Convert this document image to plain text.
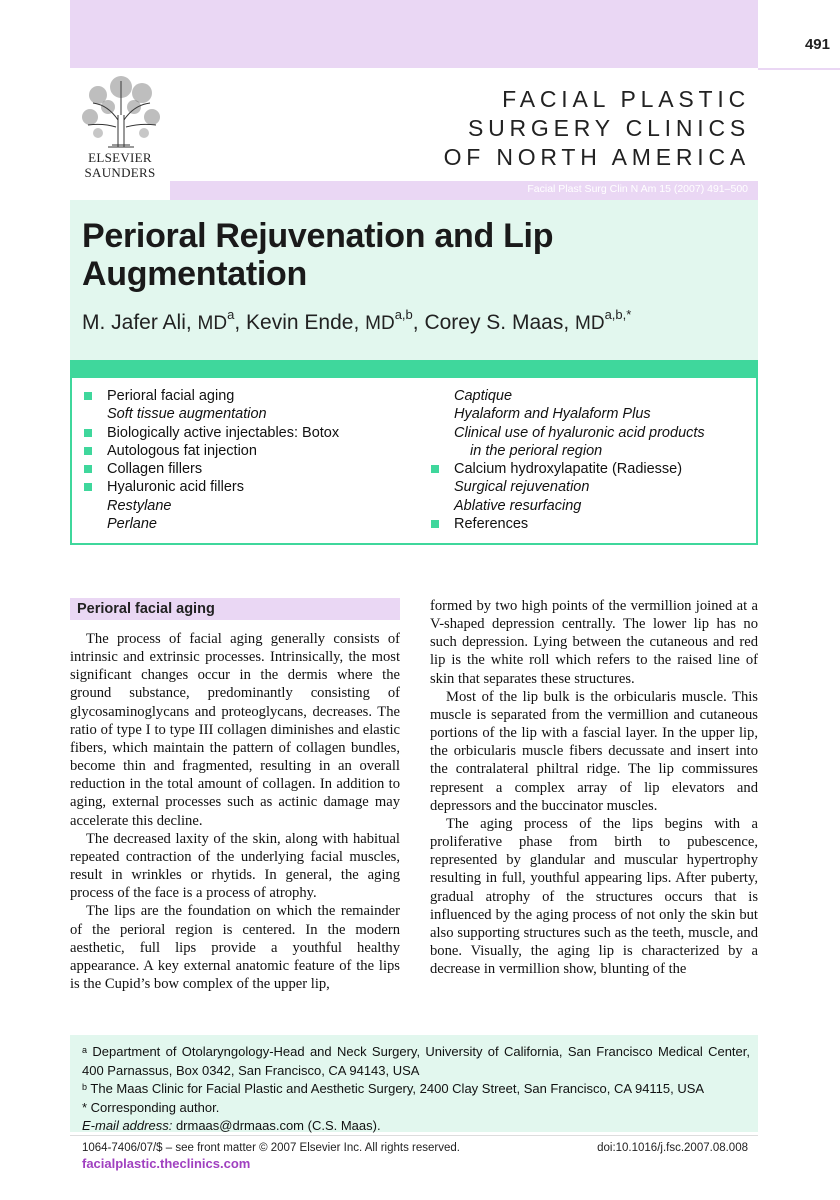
491
ELSEVIER
SAUNDERS
FACIAL PLASTIC
SURGERY CLINICS
OF NORTH AMERICA
Facial Plast Surg Clin N Am 15 (2007) 491–500
Perioral Rejuvenation and Lip Augmentation
M. Jafer Ali, $MD^a$, Kevin Ende, MD$^{a,b}$, Corey S. Maas, $MD^{a,b,*}$
Perioral facial aging
Soft tissue augmentation
Biologically active injectables: Botox
Autologous fat injection
Collagen fillers
Hyaluronic acid fillers
Restylane
Perlane
Captique
Hyalaform and Hyalaform Plus
Clinical use of hyaluronic acid products
in the perioral region
Calcium hydroxylapatite (Radiesse)
Surgical rejuvenation
Ablative resurfacing
References
Perioral facial aging

The process of facial aging generally consists of intrinsic and extrinsic processes. Intrinsically, the most significant changes occur in the dermis where the ground substance, predominantly consisting of glycosaminoglycans and proteoglycans, decreases. The ratio of type I to type III collagen diminishes and elastic fibers, which maintain the pattern of collagen bundles, become thin and fragmented, resulting in an overall reduction in the total amount of collagen. In addition to aging, external processes such as actinic damage may accelerate this decline.

The decreased laxity of the skin, along with habitual repeated contraction of the underlying facial muscles, result in wrinkles or rhytids. In general, the aging process of the face is a process of atrophy.

The lips are the foundation on which the remainder of the perioral region is centered. In the modern aesthetic, full lips provide a youthful healthy appearance. A key external anatomic feature of the lips is the Cupid’s bow complex of the upper lip,

formed by two high points of the vermillion joined at a V-shaped depression centrally. The lower lip has no such depression. Lying between the cutaneous and red lip is the white roll which refers to the raised line of skin that separates these structures.

Most of the lip bulk is the orbicularis muscle. This muscle is separated from the vermillion and cutaneous portions of the lip with a fascial layer. In the upper lip, the orbicularis muscle fibers decussate and insert into the contralateral philtral ridge. The lip commissures represent a complex array of lip elevators and depressors and the buccinator muscles.

The aging process of the lips begins with a proliferative phase from birth to pubescence, represented by glandular and muscular hypertrophy resulting in full, youthful appearing lips. After puberty, gradual atrophy of the structures occurs that is influenced by the aging process of not only the skin but also supporting structures such as the teeth, muscle, and bone. Visually, the aging lip is characterized by a decrease in vermillion show, blunting of the

$^a$ Department of Otolaryngology-Head and Neck Surgery, University of California, San Francisco Medical Center, 400 Parnassus, Box 0342, San Francisco, CA 94143, USA
$^b$ The Maas Clinic for Facial Plastic and Aesthetic Surgery, 2400 Clay Street, San Francisco, CA 94115, USA
* Corresponding author.
E-mail address: drmaas@drmaas.com (C.S. Maas).
1064-7406/07/$ – see front matter © 2007 Elsevier Inc. All rights reserved.	doi:10.1016/j.fsc.2007.08.008
facialplastic.theclinics.com
